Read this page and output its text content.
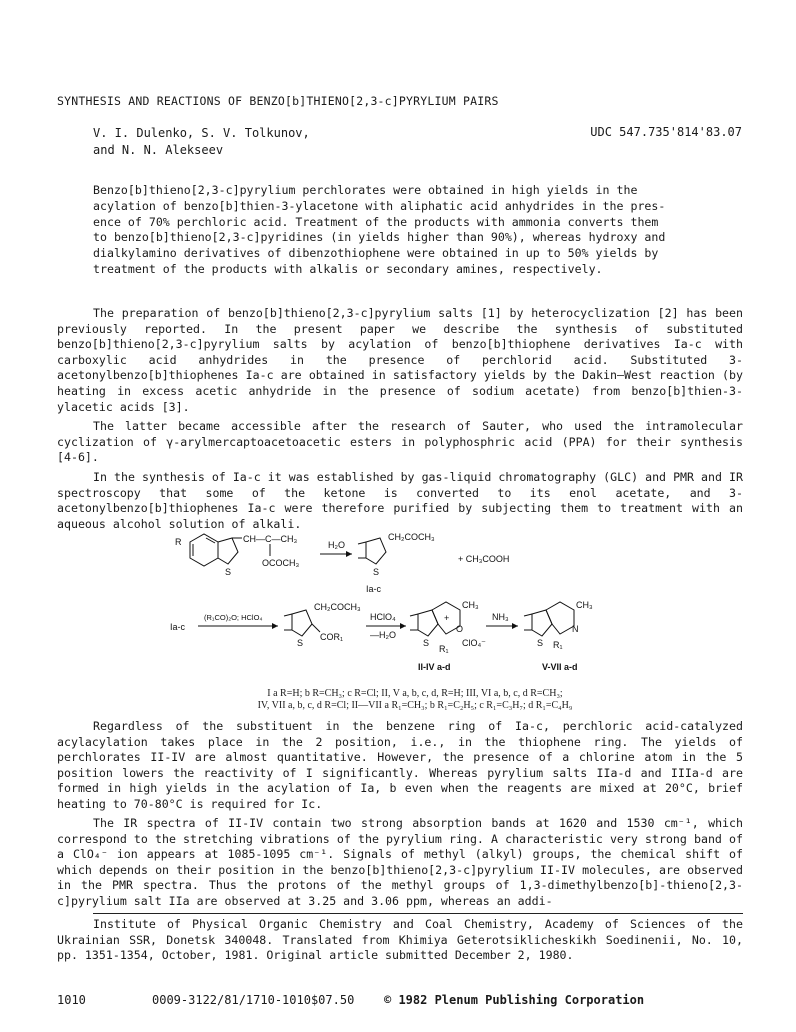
SYNTHESIS AND REACTIONS OF BENZO[b]THIENO[2,3-c]PYRYLIUM PAIRS
V. I. Dulenko, S. V. Tolkunov,
and N. N. Alekseev
UDC 547.735'814'83.07
Benzo[b]thieno[2,3-c]pyrylium perchlorates were obtained in high yields in the
acylation of benzo[b]thien-3-ylacetone with aliphatic acid anhydrides in the pres-
ence of 70% perchloric acid. Treatment of the products with ammonia converts them
to benzo[b]thieno[2,3-c]pyridines (in yields higher than 90%), whereas hydroxy and
dialkylamino derivatives of dibenzothiophene were obtained in up to 50% yields by
treatment of the products with alkalis or secondary amines, respectively.
The preparation of benzo[b]thieno[2,3-c]pyrylium salts [1] by heterocyclization [2] has been previously reported. In the present paper we describe the synthesis of substituted benzo[b]thieno[2,3-c]pyrylium salts by acylation of benzo[b]thiophene derivatives Ia-c with carboxylic acid anhydrides in the presence of perchlorid acid. Substituted 3-acetonylbenzo[b]thiophenes Ia-c are obtained in satisfactory yields by the Dakin—West reaction (by heating in excess acetic anhydride in the presence of sodium acetate) from benzo[b]thien-3-ylacetic acids [3].
The latter became accessible after the research of Sauter, who used the intramolecular cyclization of γ-arylmercaptoacetoacetic esters in polyphosphric acid (PPA) for their synthesis [4-6].
In the synthesis of Ia-c it was established by gas-liquid chromatography (GLC) and PMR and IR spectroscopy that some of the ketone is converted to its enol acetate, and 3-acetonylbenzo[b]thiophenes Ia-c were therefore purified by subjecting them to treatment with an aqueous alcohol solution of alkali.
R
S
CH—C—CH₃
OCOCH₃
H₂O
S
CH₂COCH₃
+ CH₃COOH
Ia-c
Ia-c
(R₁CO)₂O; HClO₄
S
CH₂COCH₃
COR₁
HClO₄
—H₂O
CH₃
+
O
ClO₄⁻
R₁
S
II-IV a-d
NH₃
CH₃
N
R₁
S
V-VII a-d
I a R=H; b R=CH₃; c R=Cl; II, V a, b, c, d, R=H; III, VI a, b, c, d R=CH₃;
IV, VII a, b, c, d R=Cl; II—VII a R₁=CH₃; b R₁=C₂H₅; c R₁=C₃H₇; d R₁=C₄H₉
Regardless of the substituent in the benzene ring of Ia-c, perchloric acid-catalyzed acylacylation takes place in the 2 position, i.e., in the thiophene ring. The yields of perchlorates II-IV are almost quantitative. However, the presence of a chlorine atom in the 5 position lowers the reactivity of I significantly. Whereas pyrylium salts IIa-d and IIIa-d are formed in high yields in the acylation of Ia, b even when the reagents are mixed at 20°C, brief heating to 70-80°C is required for Ic.
The IR spectra of II-IV contain two strong absorption bands at 1620 and 1530 cm⁻¹, which correspond to the stretching vibrations of the pyrylium ring. A characteristic very strong band of a ClO₄⁻ ion appears at 1085-1095 cm⁻¹. Signals of methyl (alkyl) groups, the chemical shift of which depends on their position in the benzo[b]thieno[2,3-c]pyrylium II-IV molecules, are observed in the PMR spectra. Thus the protons of the methyl groups of 1,3-dimethylbenzo[b]-thieno[2,3-c]pyrylium salt IIa are observed at 3.25 and 3.06 ppm, whereas an addi-
Institute of Physical Organic Chemistry and Coal Chemistry, Academy of Sciences of the Ukrainian SSR, Donetsk 340048. Translated from Khimiya Geterotsiklicheskikh Soedinenii, No. 10, pp. 1351-1354, October, 1981. Original article submitted December 2, 1980.
1010	0009-3122/81/1710-1010$07.50 © 1982 Plenum Publishing Corporation
